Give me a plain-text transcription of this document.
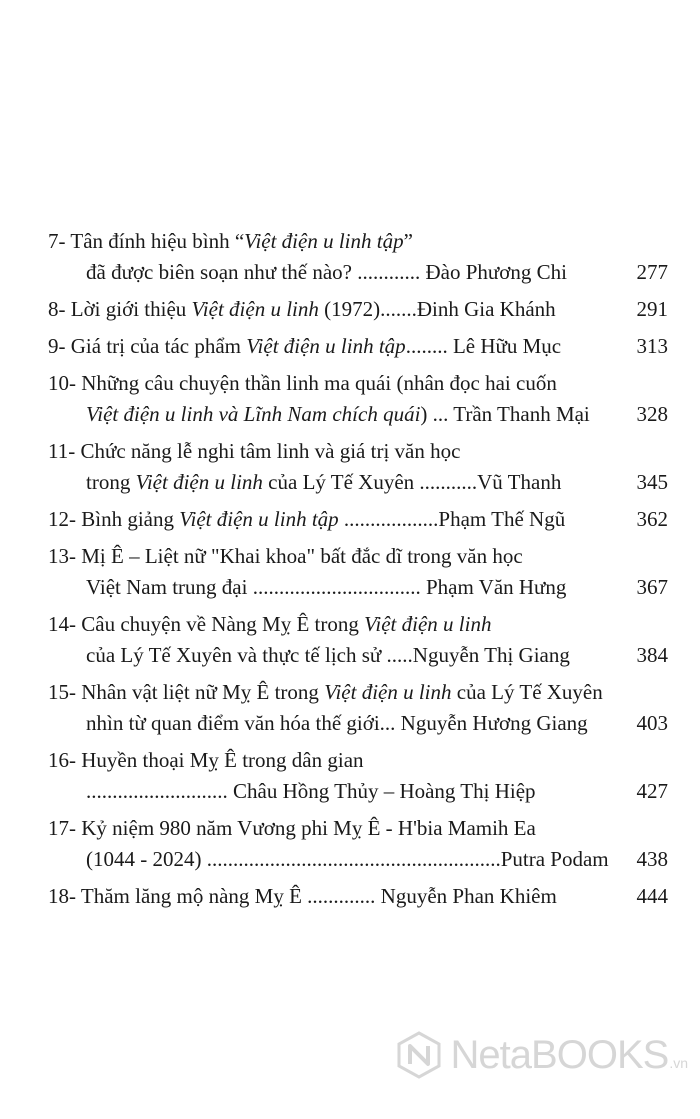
7- Tân đính hiệu bình “Việt điện u linh tập”
đã được biên soạn như thế nào? ............ Đào Phương Chi	277
8- Lời giới thiệu Việt điện u linh (1972).......Đinh Gia Khánh	291
9- Giá trị của tác phẩm Việt điện u linh tập........ Lê Hữu Mục	313
10- Những câu chuyện thần linh ma quái (nhân đọc hai cuốn
Việt điện u linh và Lĩnh Nam chích quái) ... Trần Thanh Mại	328
11- Chức năng lễ nghi tâm linh và giá trị văn học
trong Việt điện u linh của Lý Tế Xuyên ...........Vũ Thanh	345
12- Bình giảng Việt điện u linh tập ..................Phạm Thế Ngũ	362
13- Mị Ê – Liệt nữ "Khai khoa" bất đắc dĩ trong văn học
Việt Nam trung đại ................................ Phạm Văn Hưng	367
14- Câu chuyện về Nàng Mỵ Ê trong Việt điện u linh
của Lý Tế Xuyên và thực tế lịch sử .....Nguyễn Thị Giang	384
15- Nhân vật liệt nữ Mỵ Ê trong Việt điện u linh của Lý Tế Xuyên
nhìn từ quan điểm văn hóa thế giới... Nguyễn Hương Giang	403
16- Huyền thoại Mỵ Ê trong dân gian
........................... Châu Hồng Thủy – Hoàng Thị Hiệp	427
17- Kỷ niệm 980 năm Vương phi Mỵ Ê - H'bia Mamih Ea
(1044 - 2024) ........................................................Putra Podam	438
18- Thăm lăng mộ nàng Mỵ Ê ............. Nguyễn Phan Khiêm	444
NetaBOOKS .vn
